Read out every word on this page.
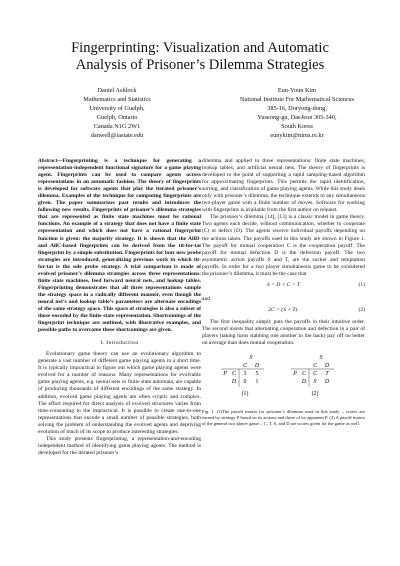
Fingerprinting: Visualization and Automatic
Analysis of Prisoner’s Dilemma Strategies
Daniel Ashlock
Mathematics and Statistics
University of Guelph,
Guelph, Ontario
Canada N1G 2W1
danwell@iastate.edu
Eun-Youn Kim
National Institute For Mathematical Sciences
385-16, Doryong-dong,
Yuseong-gu, DaeJeon 305-340,
South Korea
eunykim@nims.re.kr

Abstract—Fingerprinting is a technique for generating a representation-independent functional signature for a game playing agent. Fingerprints can be used to compare agents across representations in an automatic fashion. The theory of fingerprints is developed for software agents that play the iterated prisoner’s dilemma. Examples of the technique for computing fingerprints are given. The paper summarizes past results and introduces the following new results. Fingerprints of prisoner’s dilemma strategies that are represented as finite state machines must be rational functions. An example of a strategy that does not have a finite state representation and which does not have a rational fingerprint function is given: the majority strategy. It is shown that the AllD- and AllC-based fingerprints can be derived from the tit-for-tat fingerprint by a simple substitution. Fingerprints for four new probe strategies are introduced, generalizing previous work in which tit-for-tat is the sole probe strategy. A trial comparison is made of evolved prisoner’s dilemma strategies across three representations: finite state machines, feed forward neural nets, and lookup tables. Fingerprinting demonstrates that all three representations sample the strategy space in a radically different manner, even though the neural net’s and lookup table’s parameters are alternate encodings of the same strategy space. This space of strategies is also a subset of those encoded by the finite state representation. Shortcomings of the fingerprint technique are outlined, with illustrative examples, and possible paths to overcome these shortcomings are given.

I. Introduction

Evolutionary game theory can use an evolutionary algorithm to generate a vast number of different game playing agents in a short time. It is typically impractical to figure out which game playing agents were evolved for a number of reasons. Many representations for evolvable game playing agents, e.g. neural nets or finite state automata, are capable of producing thousands of different encodings of the same strategy. In addition, evolved game playing agents are often cryptic and complex. The effort required for direct analysis of evolved structures varies from time-consuming to the impractical. It is possible to create one-to-one representations that encode a small number of possible strategies, both solving the problem of understanding the evolved agents and depriving evolution of much of its scope to produce interesting strategies.

This study presents fingerprinting, a representation-and-encoding independent method of identifying game playing agents. The method is developed for the iterated prisoner’s

dilemma and applied to three representations: finite state machines, lookup tables, and artificial neural nets. The theory of fingerprints is developed to the point of supporting a rapid sampling-based algorithm for approximating fingerprints. This permits the rapid identification, sorting, and classification of game playing agents. While this study deals only with prisoner’s dilemma, the technique extends to any simultaneous two-player game with a finite number of moves. Software for working with fingerprints is available from the first author on request.

The prisoner’s dilemma [14], [13] is a classic model in game theory. Two agents each decide, without communication, whether to cooperate (C) or defect (D). The agents receive individual payoffs depending on the actions taken. The payoffs used in this study are shown in Figure 1. The payoff for mutual cooperation C is the cooperation payoff. The payoff for mutual defection D is the defection payoff. The two asymmetric action payoffs S and T, are the sucker and temptation payoffs. In order for a two player simultaneous game to be considered the prisoner’s dilemma, it must be the case that

S < D < C < T	(1)
and
2C > (S + T).	(2)

The first inequality simply puts the payoffs in their intuitive order. The second insists that alternating cooperation and defection in a pair of players (taking turns stabbing one another in the back) pay off no better on average than does mutual cooperation.

S
C D
P C 3 5
D 0 1
(1)
S
C D
P C C T
D S D
(2)

Fig. 1. (1)The payoff matrix for prisoner’s dilemma used in this study – scores are earned by strategy P based on its actions and those of its opponent P. (2) A payoff matrix of the general two player game – C, T, S, and D are scores given for the game as well.
